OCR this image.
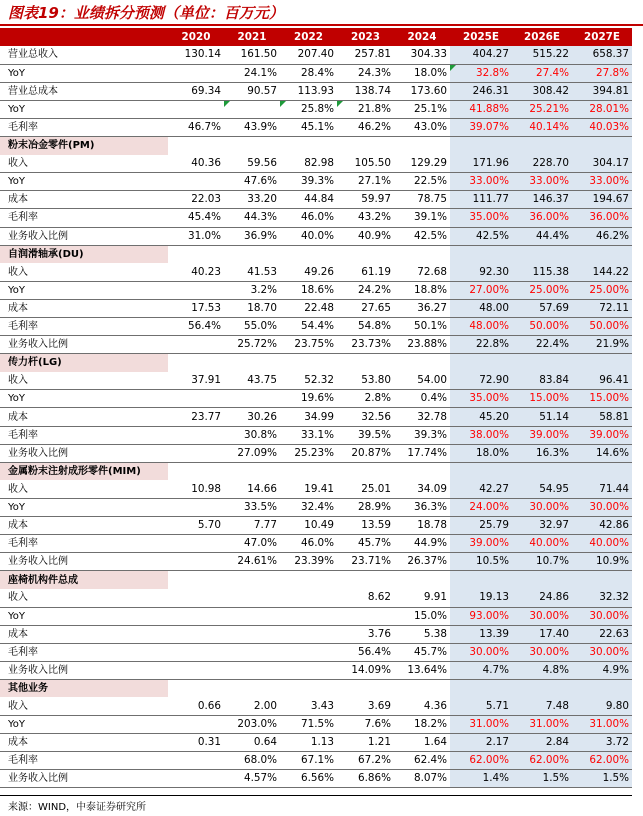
图表19：业绩拆分预测（单位：百万元）
	2020	2021	2022	2023	2024	2025E	2026E	2027E
营业总收入	130.14	161.50	207.40	257.81	304.33	404.27	515.22	658.37
YoY		24.1%	28.4%	24.3%	18.0%	32.8%	27.4%	27.8%
营业总成本	69.34	90.57	113.93	138.74	173.60	246.31	308.42	394.81
YoY			25.8%	21.8%	25.1%	41.88%	25.21%	28.01%
毛利率	46.7%	43.9%	45.1%	46.2%	43.0%	39.07%	40.14%	40.03%
粉末冶金零件(PM)								
收入	40.36	59.56	82.98	105.50	129.29	171.96	228.70	304.17
YoY		47.6%	39.3%	27.1%	22.5%	33.00%	33.00%	33.00%
成本	22.03	33.20	44.84	59.97	78.75	111.77	146.37	194.67
毛利率	45.4%	44.3%	46.0%	43.2%	39.1%	35.00%	36.00%	36.00%
业务收入比例	31.0%	36.9%	40.0%	40.9%	42.5%	42.5%	44.4%	46.2%
自润滑轴承(DU)								
收入	40.23	41.53	49.26	61.19	72.68	92.30	115.38	144.22
YoY		3.2%	18.6%	24.2%	18.8%	27.00%	25.00%	25.00%
成本	17.53	18.70	22.48	27.65	36.27	48.00	57.69	72.11
毛利率	56.4%	55.0%	54.4%	54.8%	50.1%	48.00%	50.00%	50.00%
业务收入比例		25.72%	23.75%	23.73%	23.88%	22.8%	22.4%	21.9%
传力杆(LG)								
收入	37.91	43.75	52.32	53.80	54.00	72.90	83.84	96.41
YoY			19.6%	2.8%	0.4%	35.00%	15.00%	15.00%
成本	23.77	30.26	34.99	32.56	32.78	45.20	51.14	58.81
毛利率		30.8%	33.1%	39.5%	39.3%	38.00%	39.00%	39.00%
业务收入比例		27.09%	25.23%	20.87%	17.74%	18.0%	16.3%	14.6%
金属粉末注射成形零件(MIM)								
收入	10.98	14.66	19.41	25.01	34.09	42.27	54.95	71.44
YoY		33.5%	32.4%	28.9%	36.3%	24.00%	30.00%	30.00%
成本	5.70	7.77	10.49	13.59	18.78	25.79	32.97	42.86
毛利率		47.0%	46.0%	45.7%	44.9%	39.00%	40.00%	40.00%
业务收入比例		24.61%	23.39%	23.71%	26.37%	10.5%	10.7%	10.9%
座椅机构件总成								
收入				8.62	9.91	19.13	24.86	32.32
YoY					15.0%	93.00%	30.00%	30.00%
成本				3.76	5.38	13.39	17.40	22.63
毛利率				56.4%	45.7%	30.00%	30.00%	30.00%
业务收入比例				14.09%	13.64%	4.7%	4.8%	4.9%
其他业务								
收入	0.66	2.00	3.43	3.69	4.36	5.71	7.48	9.80
YoY		203.0%	71.5%	7.6%	18.2%	31.00%	31.00%	31.00%
成本	0.31	0.64	1.13	1.21	1.64	2.17	2.84	3.72
毛利率		68.0%	67.1%	67.2%	62.4%	62.00%	62.00%	62.00%
业务收入比例		4.57%	6.56%	6.86%	8.07%	1.4%	1.5%	1.5%
来源：WIND，中泰证券研究所
